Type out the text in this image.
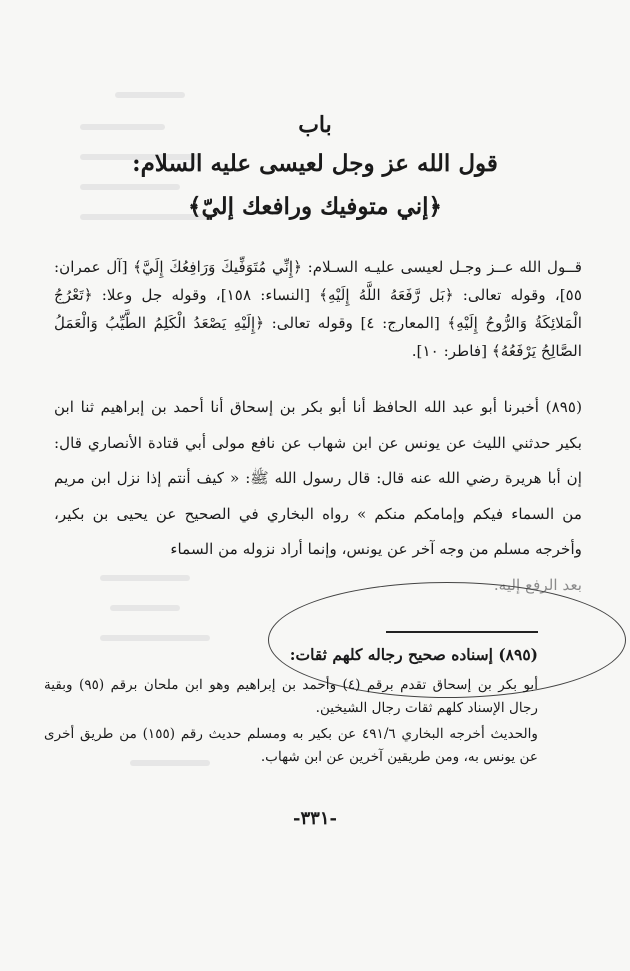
باب
قول الله عز وجل لعيسى عليه السلام:
﴿إني متوفيك ورافعك إليّ﴾
قــول الله عــز وجـل لعيسى عليـه السـلام: ﴿إِنِّي مُتَوَفِّيكَ وَرَافِعُكَ إِلَيَّ﴾ [آل عمران: ٥٥]، وقوله تعالى: ﴿بَل رَّفَعَهُ اللَّهُ إِلَيْهِ﴾ [النساء: ١٥٨]، وقوله جل وعلا: ﴿تَعْرُجُ الْمَلائِكَةُ وَالرُّوحُ إِلَيْهِ﴾ [المعارج: ٤] وقوله تعالى: ﴿إِلَيْهِ يَصْعَدُ الْكَلِمُ الطَّيِّبُ وَالْعَمَلُ الصَّالِحُ يَرْفَعُهُ﴾ [فاطر: ١٠].
(٨٩٥) أخبرنا أبو عبد الله الحافظ أنا أبو بكر بن إسحاق أنا أحمد بن إبراهيم ثنا ابن بكير حدثني الليث عن يونس عن ابن شهاب عن نافع مولى أبي قتادة الأنصاري قال: إن أبا هريرة رضي الله عنه قال: قال رسول الله ﷺ: « كيف أنتم إذا نزل ابن مريم من السماء فيكم وإمامكم منكم » رواه البخاري في الصحيح عن يحيى بن بكير، وأخرجه مسلم من وجه آخر عن يونس، وإنما أراد نزوله من السماء
بعد الرفع إليه.
(٨٩٥) إسناده صحيح رجاله كلهم ثقات:

أبو بكر بن إسحاق تقدم برقم (٤) وأحمد بن إبراهيم وهو ابن ملحان برقم (٩٥) وبقية رجال الإسناد كلهم ثقات رجال الشيخين.

والحديث أخرجه البخاري ٤٩١/٦ عن بكير به ومسلم حديث رقم (١٥٥) من طريق أخرى عن يونس به، ومن طريقين آخرين عن ابن شهاب.

-٣٣١-
